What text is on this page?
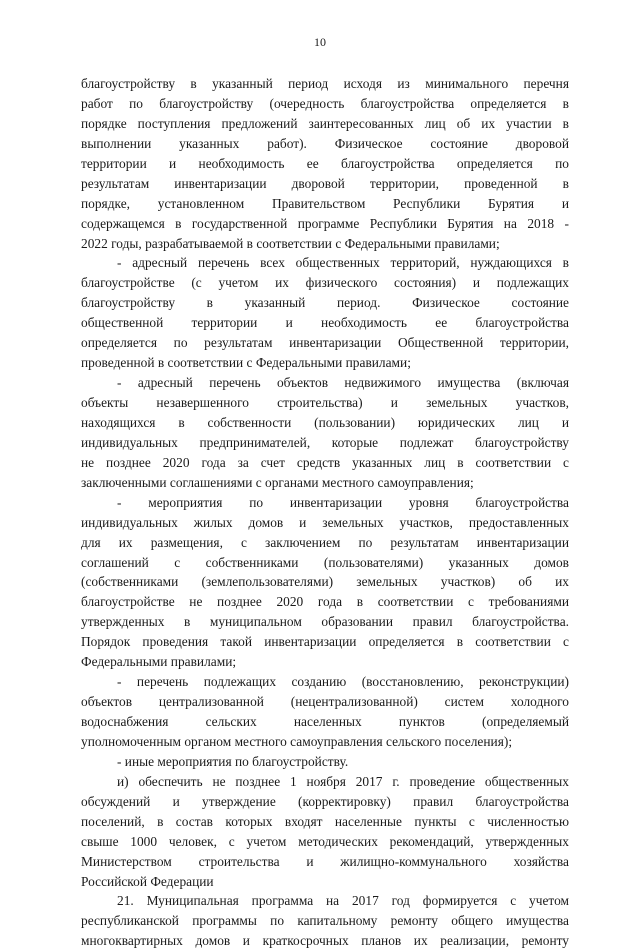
10
благоустройству в указанный период исходя из минимального перечня
работ по благоустройству (очередность благоустройства определяется в
порядке поступления предложений заинтересованных лиц об их участии в
выполнении указанных работ). Физическое состояние дворовой
территории и необходимость ее благоустройства определяется по
результатам инвентаризации дворовой территории, проведенной в
порядке, установленном Правительством Республики Бурятия и
содержащемся в государственной программе Республики Бурятия на 2018 -
2022 годы, разрабатываемой в соответствии с Федеральными правилами;
- адресный перечень всех общественных территорий, нуждающихся в
благоустройстве (с учетом их физического состояния) и подлежащих
благоустройству в указанный период. Физическое состояние
общественной территории и необходимость ее благоустройства
определяется по результатам инвентаризации Общественной территории,
проведенной в соответствии с Федеральными правилами;
- адресный перечень объектов недвижимого имущества (включая
объекты незавершенного строительства) и земельных участков,
находящихся в собственности (пользовании) юридических лиц и
индивидуальных предпринимателей, которые подлежат благоустройству
не позднее 2020 года за счет средств указанных лиц в соответствии с
заключенными соглашениями с органами местного самоуправления;
- мероприятия по инвентаризации уровня благоустройства
индивидуальных жилых домов и земельных участков, предоставленных
для их размещения, с заключением по результатам инвентаризации
соглашений с собственниками (пользователями) указанных домов
(собственниками (землепользователями) земельных участков) об их
благоустройстве не позднее 2020 года в соответствии с требованиями
утвержденных в муниципальном образовании правил благоустройства.
Порядок проведения такой инвентаризации определяется в соответствии с
Федеральными правилами;
- перечень подлежащих созданию (восстановлению, реконструкции)
объектов централизованной (нецентрализованной) систем холодного
водоснабжения сельских населенных пунктов (определяемый
уполномоченным органом местного самоуправления сельского поселения);
- иные мероприятия по благоустройству.
и) обеспечить не позднее 1 ноября 2017 г. проведение общественных
обсуждений и утверждение (корректировку) правил благоустройства
поселений, в состав которых входят населенные пункты с численностью
свыше 1000 человек, с учетом методических рекомендаций, утвержденных
Министерством строительства и жилищно-коммунального хозяйства
Российской Федерации
21. Муниципальная программа на 2017 год формируется с учетом
республиканской программы по капитальному ремонту общего имущества
многоквартирных домов и краткосрочных планов их реализации, ремонту
